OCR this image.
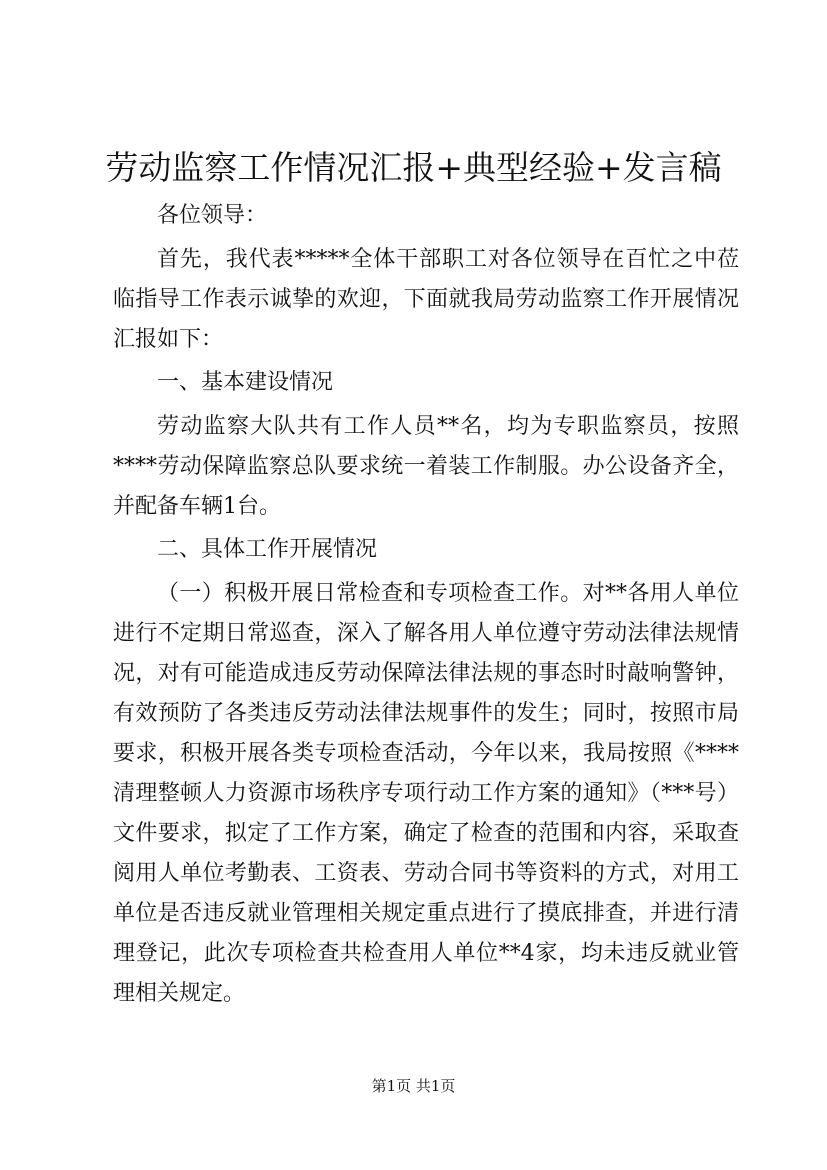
劳动监察工作情况汇报+典型经验+发言稿

各位领导：

首先，我代表*****全体干部职工对各位领导在百忙之中莅临指导工作表示诚挚的欢迎，下面就我局劳动监察工作开展情况汇报如下：

一、基本建设情况

劳动监察大队共有工作人员**名，均为专职监察员，按照****劳动保障监察总队要求统一着装工作制服。办公设备齐全，并配备车辆1台。

二、具体工作开展情况

（一）积极开展日常检查和专项检查工作。对**各用人单位进行不定期日常巡查，深入了解各用人单位遵守劳动法律法规情况，对有可能造成违反劳动保障法律法规的事态时时敲响警钟，有效预防了各类违反劳动法律法规事件的发生；同时，按照市局要求，积极开展各类专项检查活动，今年以来，我局按照《****清理整顿人力资源市场秩序专项行动工作方案的通知》（***号）文件要求，拟定了工作方案，确定了检查的范围和内容，采取查阅用人单位考勤表、工资表、劳动合同书等资料的方式，对用工单位是否违反就业管理相关规定重点进行了摸底排查，并进行清理登记，此次专项检查共检查用人单位**4家，均未违反就业管理相关规定。

第1页 共1页
